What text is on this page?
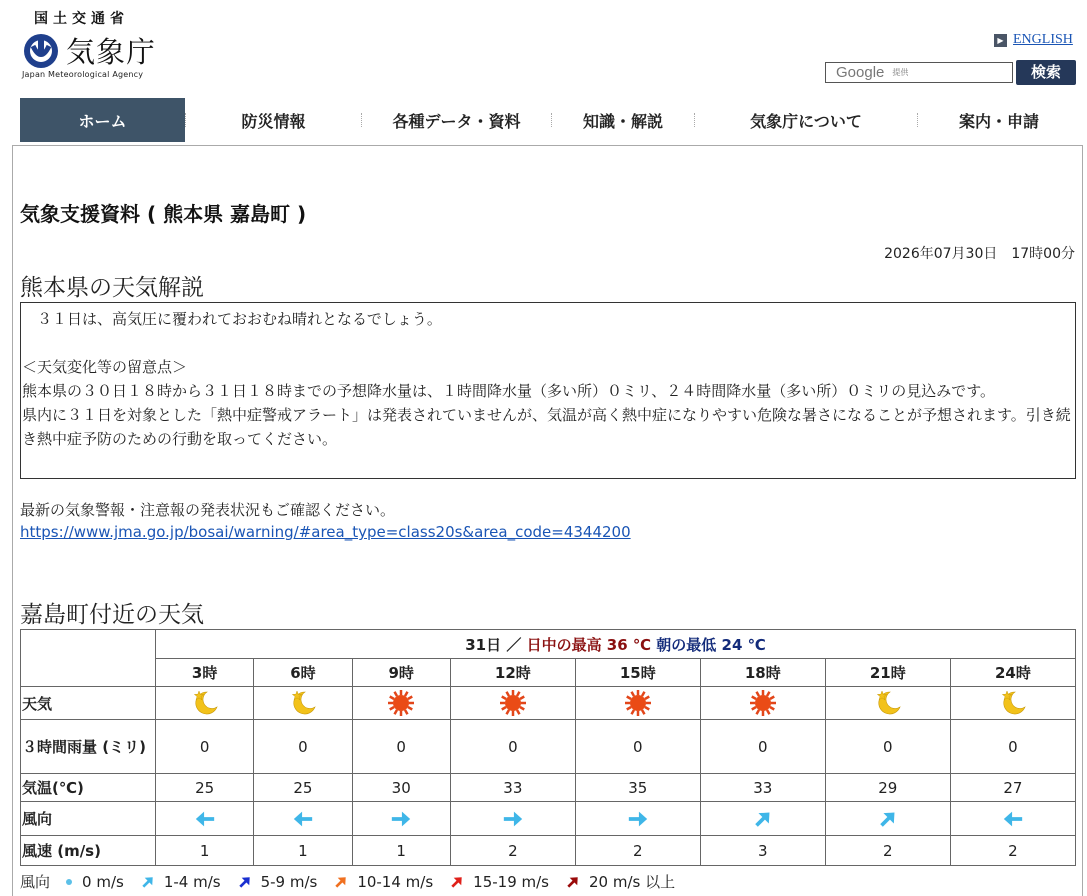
国土交通省
気象庁
Japan Meteorological Agency
▶ ENGLISH
Google 提供	検索
ホーム	防災情報	各種データ・資料	知識・解説	気象庁について	案内・申請
気象支援資料 ( 熊本県 嘉島町 )
2026年07月30日　17時00分
熊本県の天気解説

　３１日は、高気圧に覆われておおむね晴れとなるでしょう。

＜天気変化等の留意点＞

熊本県の３０日１８時から３１日１８時までの予想降水量は、１時間降水量（多い所）０ミリ、２４時間降水量（多い所）０ミリの見込みです。

県内に３１日を対象とした「熱中症警戒アラート」は発表されていませんが、気温が高く熱中症になりやすい危険な暑さになることが予想されます。引き続き熱中症予防のための行動を取ってください。

最新の気象警報・注意報の発表状況もご確認ください。
https://www.jma.go.jp/bosai/warning/#area_type=class20s&area_code=4344200
嘉島町付近の天気
	31日 ／ 日中の最高 36 ℃ 朝の最低 24 ℃							
	3時	6時	9時	12時	15時	18時	21時	24時
天気	

３時間雨量 (ミリ)	0	0	0	0	0	0	0	0
気温(℃)	25	25	30	33	35	33	29	27
風向	

風速 (m/s)	1	1	1	2	2	3	2	2
風向 0 m/s	1-4 m/s	5-9 m/s	10-14 m/s	15-19 m/s	20 m/s 以上
